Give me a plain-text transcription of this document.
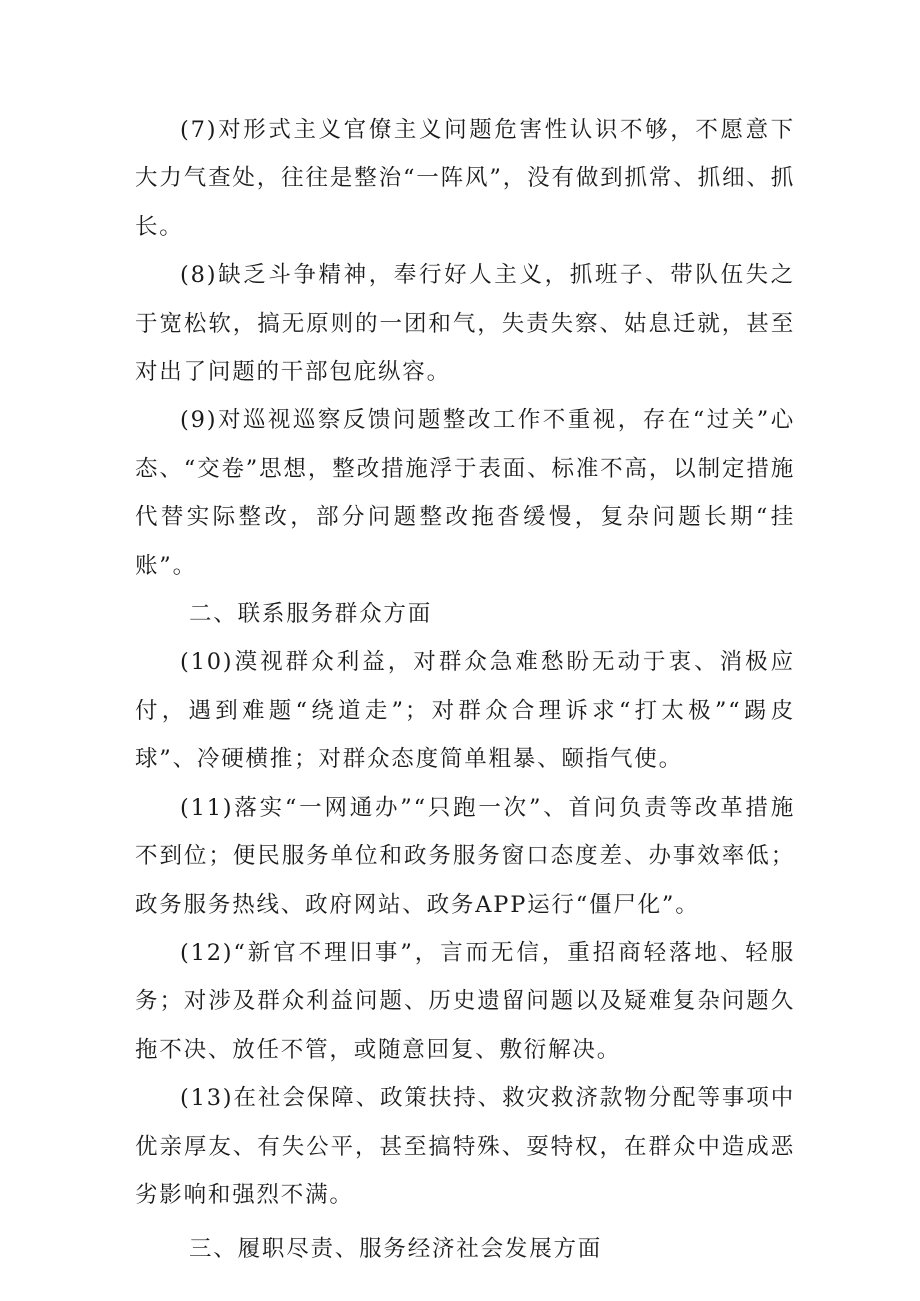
(7)对形式主义官僚主义问题危害性认识不够，不愿意下大力气查处，往往是整治“一阵风”，没有做到抓常、抓细、抓长。

(8)缺乏斗争精神，奉行好人主义，抓班子、带队伍失之于宽松软，搞无原则的一团和气，失责失察、姑息迁就，甚至对出了问题的干部包庇纵容。

(9)对巡视巡察反馈问题整改工作不重视，存在“过关”心态、“交卷”思想，整改措施浮于表面、标准不高，以制定措施代替实际整改，部分问题整改拖沓缓慢，复杂问题长期“挂账”。

二、联系服务群众方面

(10)漠视群众利益，对群众急难愁盼无动于衷、消极应付，遇到难题“绕道走”；对群众合理诉求“打太极”“踢皮球”、冷硬横推；对群众态度简单粗暴、颐指气使。

(11)落实“一网通办”“只跑一次”、首问负责等改革措施不到位；便民服务单位和政务服务窗口态度差、办事效率低；政务服务热线、政府网站、政务APP运行“僵尸化”。

(12)“新官不理旧事”，言而无信，重招商轻落地、轻服务；对涉及群众利益问题、历史遗留问题以及疑难复杂问题久拖不决、放任不管，或随意回复、敷衍解决。

(13)在社会保障、政策扶持、救灾救济款物分配等事项中优亲厚友、有失公平，甚至搞特殊、耍特权，在群众中造成恶劣影响和强烈不满。

三、履职尽责、服务经济社会发展方面
